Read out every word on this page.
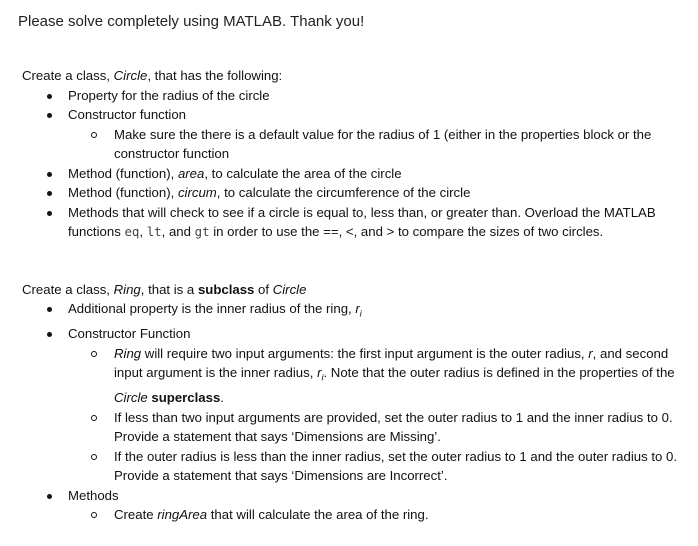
Please solve completely using MATLAB. Thank you!

Create a class, Circle, that has the following:

Property for the radius of the circle
Constructor function
Make sure the there is a default value for the radius of 1 (either in the properties block or the constructor function
Method (function), area, to calculate the area of the circle
Method (function), circum, to calculate the circumference of the circle
Methods that will check to see if a circle is equal to, less than, or greater than. Overload the MATLAB functions eq, lt, and gt in order to use the ==, <, and > to compare the sizes of two circles.

Create a class, Ring, that is a subclass of Circle

Additional property is the inner radius of the ring, $r_i$
Constructor Function
Ring will require two input arguments: the first input argument is the outer radius, r, and second input argument is the inner radius, $r_i$. Note that the outer radius is defined in the properties of the Circle superclass.
If less than two input arguments are provided, set the outer radius to 1 and the inner radius to 0. Provide a statement that says ‘Dimensions are Missing’.
If the outer radius is less than the inner radius, set the outer radius to 1 and the outer radius to 0. Provide a statement that says ‘Dimensions are Incorrect’.
Methods
Create ringArea that will calculate the area of the ring.
